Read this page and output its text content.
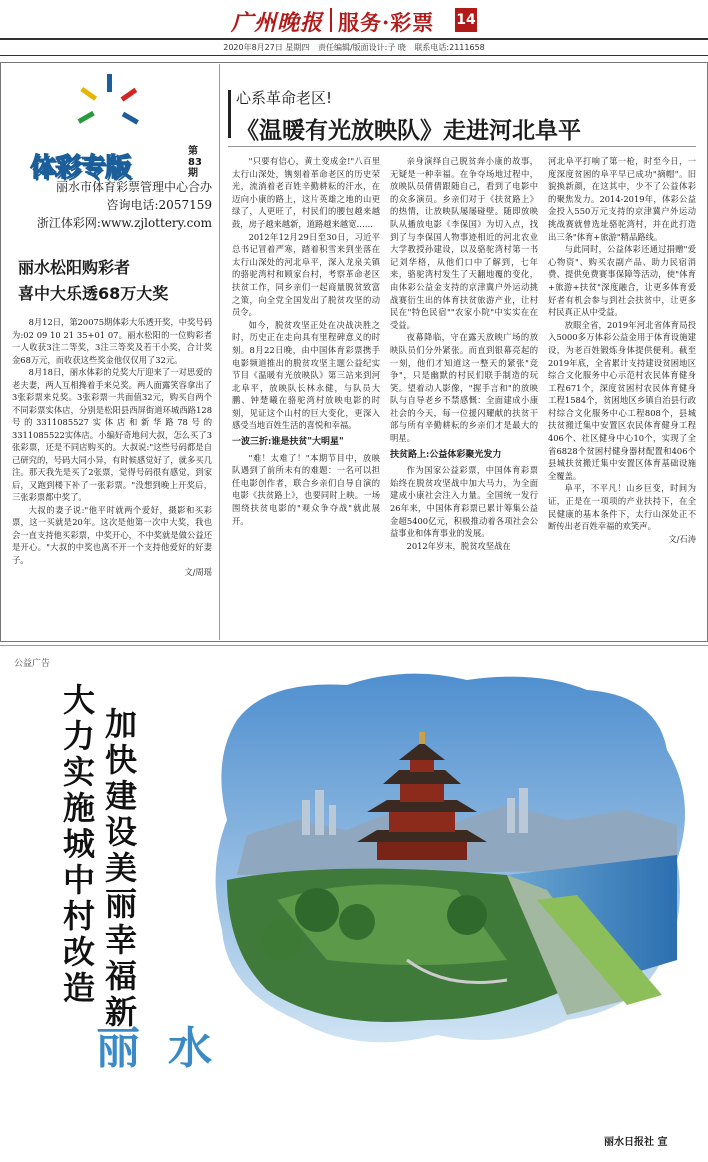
广州晚报 服务·彩票 14
2020年8月27日 星期四 责任编辑/版面设计:子 晓 联系电话:2111658
体彩专版
第83期
丽水市体育彩票管理中心合办
咨询电话:2057159
浙江体彩网:www.zjlottery.com
丽水松阳购彩者
喜中大乐透68万大奖

8月12日，第20075期体彩大乐透开奖，中奖号码为:02 09 10 21 35+01 07。丽水松阳的一位购彩者一人收获3注二等奖，3注三等奖及若干小奖，合计奖金68万元，而收获这些奖金他仅仅用了32元。

8月18日，丽水体彩的兑奖大厅迎来了一对思爱的老夫妻，两人互相搀着手来兑奖。两人面露笑容拿出了3张彩票来兑奖。3张彩票一共面值32元，购买自两个不同彩票实体店，分别是松阳县西屏街道环城西路128号的3311085527实体店和新华路78号的3311085522实体店。小编好奇地问大叔，怎么买了3张彩票，还是不同店购买的。大叔说:"这些号码都是自己研究的，号码大同小异，有时候感觉好了，就多买几注。那天我先是买了2张票，觉得号码很有感觉，到家后，又跑到楼下补了一张彩票。"没想到晚上开奖后，三张彩票都中奖了。

大叔的妻子说:"他平时就两个爱好，摄影和买彩票，这一买就是20年。这次是他第一次中大奖，我也会一直支持他买彩票，中奖开心，不中奖就是做公益还是开心。"大叔的中奖也离不开一个支持他爱好的好妻子。

文/周瑶
心系革命老区!
《温暖有光放映队》走进河北阜平

"只要有信心，黄土变成金!"八百里太行山深处，镌刻着革命老区的历史荣光，流淌着老百姓辛勤耕耘的汗水，在迈向小康的路上，这片英雄之地的山更绿了，人更旺了，村民们的腰包越来越鼓，房子越来越新，道路越来越宽……

2012年12月29日至30日，习近平总书记冒着严寒，踏着积雪来到坐落在太行山深处的河北阜平，深入龙泉关镇的骆驼湾村和顾家台村，考察革命老区扶贫工作，同乡亲们一起商量脱贫致富之策，向全党全国发出了脱贫攻坚的动员令。

如今，脱贫攻坚正处在决战决胜之时，历史正在走向具有里程碑意义的时刻。8月22日晚，由中国体育彩票携手电影频道推出的脱贫攻坚主题公益纪实节目《温暖有光放映队》第三站来到河北阜平，放映队长林永健，与队员大鹏、钟楚曦在骆驼湾村放映电影的时刻，见证这个山村的巨大变化，更深入感受当地百姓生活的喜悦和幸福。

一波三折:谁是扶贫"大明星"

"难！太难了！"本期节目中，放映队遇到了前所未有的难题：一名可以担任电影创作者，联合乡亲们自导自演的电影《扶贫路上》，也要同时上映。一场围绕扶贫电影的"观众争夺战"就此展开。

亲身演绎自己脱贫奔小康的故事，无疑是一种幸福。在争夺场地过程中，放映队员倩倩跟随自己，看到了电影中的众多演员。乡亲们对于《扶贫路上》的热情，让放映队屡屡碰壁。随即放映队从播放电影《李保国》为切入点，找到了与李保国人物事迹相近的河北农业大学教授孙建设，以及骆驼湾村第一书记刘华格，从他们口中了解到，七年来，骆驼湾村发生了天翻地覆的变化，由体彩公益金支持的京津冀户外运动挑战赛衍生出的体育扶贫旅游产业，让村民在"特色民宿""农家小院"中实实在在受益。

夜幕降临，守在露天放映广场的放映队员们分外紧张。而直到银幕亮起的一刻，他们才知道这一整天的紧张"竞争"，只是幽默的村民们联手制造的玩笑。望着动人影像，"握手言和"的放映队与自导老乡不禁感慨：全面建成小康社会的今天，每一位援闪耀献的扶贫干部与所有辛勤耕耘的乡亲们才是最大的明星。

扶贫路上:公益体彩聚光发力

作为国家公益彩票，中国体育彩票始终在脱贫攻坚战中加大马力，为全面建成小康社会注入力量。全国统一发行26年来，中国体育彩票已累计筹集公益金超5400亿元，积极推动着各项社会公益事业和体育事业的发展。

2012年岁末，脱贫攻坚战在

河北阜平打响了第一枪，时至今日，一度深度贫困的阜平早已成功"摘帽"。旧貌换新颜，在这其中，少不了公益体彩的聚焦发力。2014-2019年，体彩公益金投入550万元支持的京津冀户外运动挑战赛就曾选址骆驼湾村，并在此打造出三条"体育+旅游"精品路线。

与此同时，公益体彩还通过捐赠"爱心物资"、购买农副产品、助力民宿消费、提供免费赛事保障等活动，使"体育+旅游+扶贫"深度融合，让更多体育爱好者有机会参与到社会扶贫中，让更多村民真正从中受益。

放眼全省，2019年河北省体育局投入5000多万体彩公益金用于体育设施建设，为老百姓锻炼身体提供便利。截至2019年底，全省累计支持建设贫困地区综合文化服务中心示范村农民体育健身工程671个，深度贫困村农民体育健身工程1584个，贫困地区乡镇自治县行政村综合文化服务中心工程808个，县城扶贫搬迁集中安置区农民体育健身工程406个、社区健身中心10个，实现了全省6828个贫困村健身器材配置和406个县城扶贫搬迁集中安置区体育基础设施全覆盖。

阜平，不平凡！山乡巨变，时间为证，正是在一项项的产业扶持下，在全民健康的基本条件下，太行山深处正不断传出老百姓幸福的欢笑声。

文/石涛
公益广告
大力实施城中村改造 加快建设美丽幸福新
丽水
丽水日报社 宣
